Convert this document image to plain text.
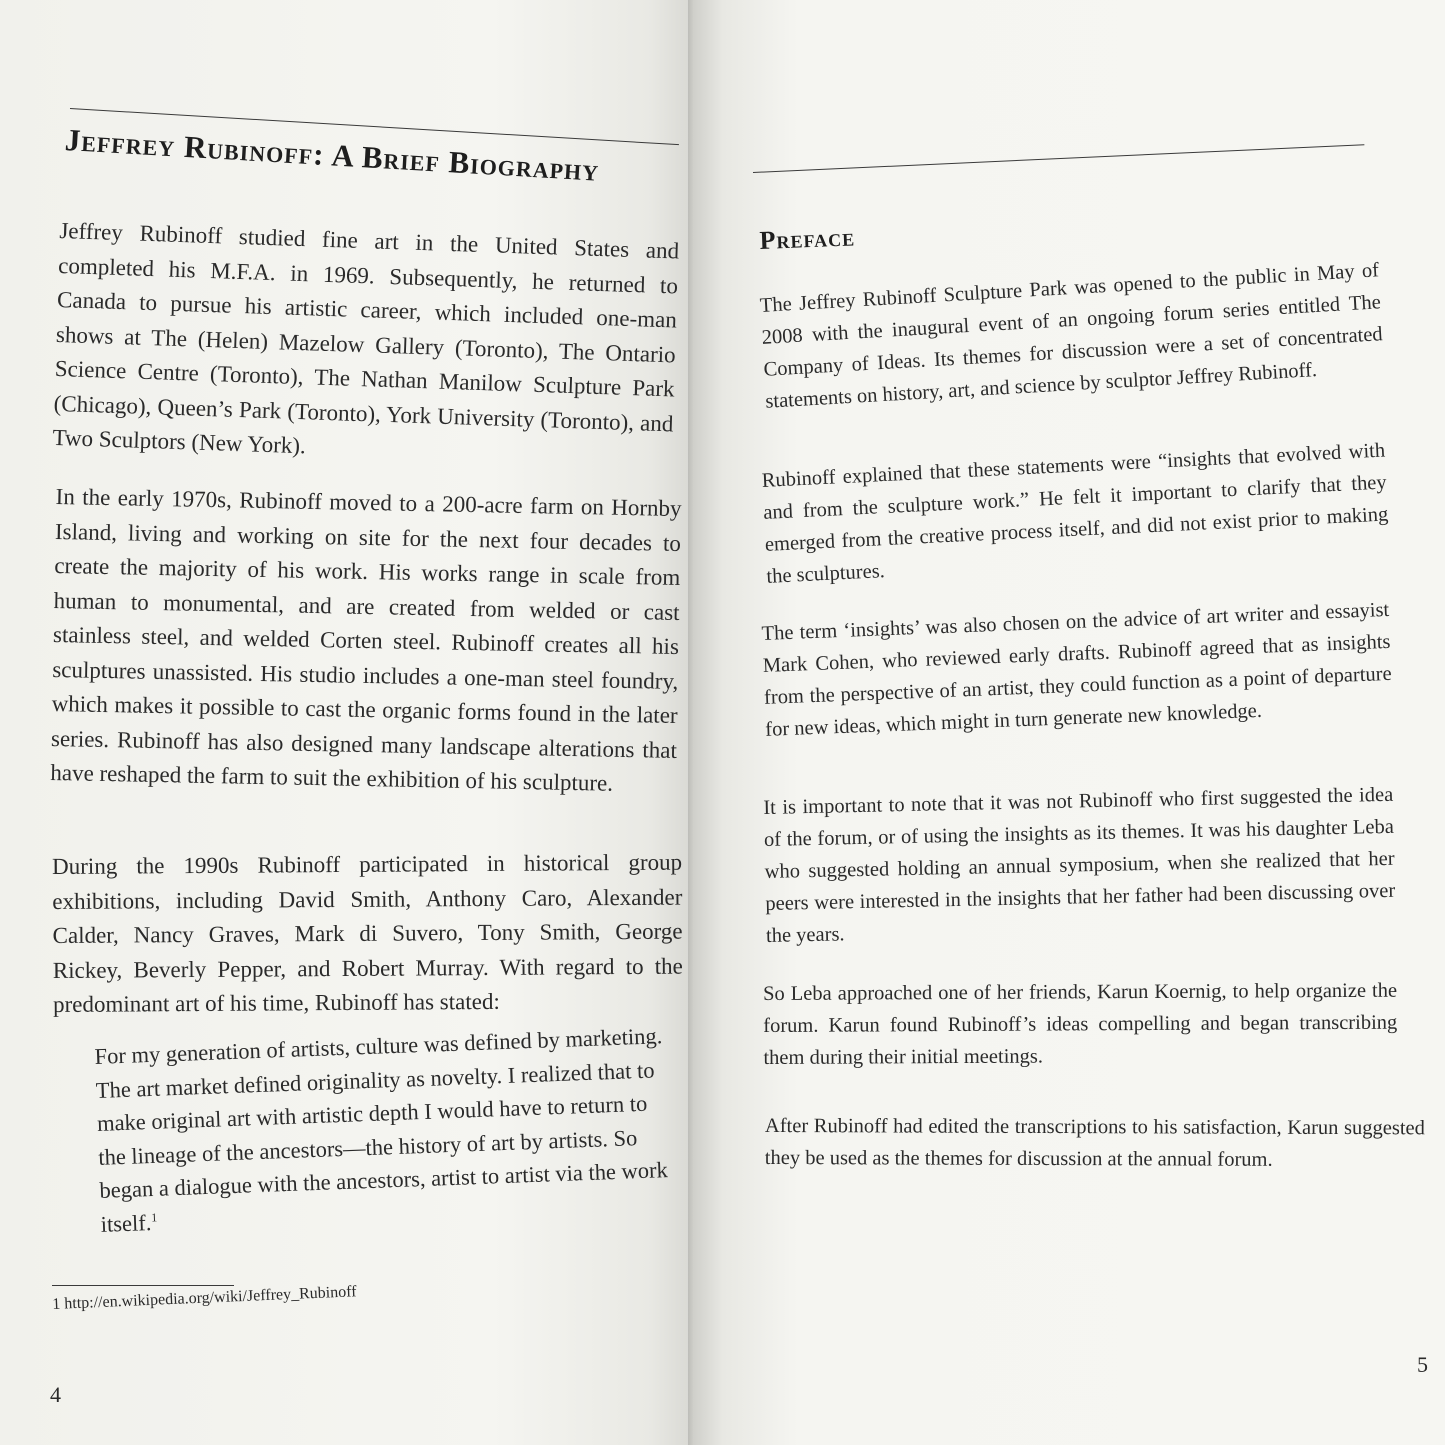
Jeffrey Rubinoff: A Brief Biography

Jeffrey Rubinoff studied fine art in the United States and completed his M.F.A. in 1969. Subsequently, he returned to Canada to pursue his artistic career, which included one-man shows at The (Helen) Mazelow Gallery (Toronto), The Ontario Science Centre (Toronto), The Nathan Manilow Sculpture Park (Chicago), Queen’s Park (Toronto), York University (Toronto), and Two Sculptors (New York).

In the early 1970s, Rubinoff moved to a 200-acre farm on Hornby Island, living and working on site for the next four decades to create the majority of his work. His works range in scale from human to monumental, and are created from welded or cast stainless steel, and welded Corten steel. Rubinoff creates all his sculptures unassisted. His studio includes a one-man steel foundry, which makes it possible to cast the organic forms found in the later series. Rubinoff has also designed many landscape alterations that have reshaped the farm to suit the exhibition of his sculpture.

During the 1990s Rubinoff participated in historical group exhibitions, including David Smith, Anthony Caro, Alexander Calder, Nancy Graves, Mark di Suvero, Tony Smith, George Rickey, Beverly Pepper, and Robert Murray. With regard to the predominant art of his time, Rubinoff has stated:

For my generation of artists, culture was defined by marketing. The art market defined originality as novelty. I realized that to make original art with artistic depth I would have to return to the lineage of the ancestors—the history of art by artists. So began a dialogue with the ancestors, artist to artist via the work itself.$^1$

1 http://en.wikipedia.org/wiki/Jeffrey_Rubinoff
4
Preface

The Jeffrey Rubinoff Sculpture Park was opened to the public in May of 2008 with the inaugural event of an ongoing forum series entitled The Company of Ideas. Its themes for discussion were a set of concentrated statements on history, art, and science by sculptor Jeffrey Rubinoff.

Rubinoff explained that these statements were “insights that evolved with and from the sculpture work.” He felt it important to clarify that they emerged from the creative process itself, and did not exist prior to making the sculptures.

The term ‘insights’ was also chosen on the advice of art writer and essayist Mark Cohen, who reviewed early drafts. Rubinoff agreed that as insights from the perspective of an artist, they could function as a point of departure for new ideas, which might in turn generate new knowledge.

It is important to note that it was not Rubinoff who first suggested the idea of the forum, or of using the insights as its themes. It was his daughter Leba who suggested holding an annual symposium, when she realized that her peers were interested in the insights that her father had been discussing over the years.

So Leba approached one of her friends, Karun Koernig, to help organize the forum. Karun found Rubinoff’s ideas compelling and began transcribing them during their initial meetings.

After Rubinoff had edited the transcriptions to his satisfaction, Karun suggested they be used as the themes for discussion at the annual forum.

5
